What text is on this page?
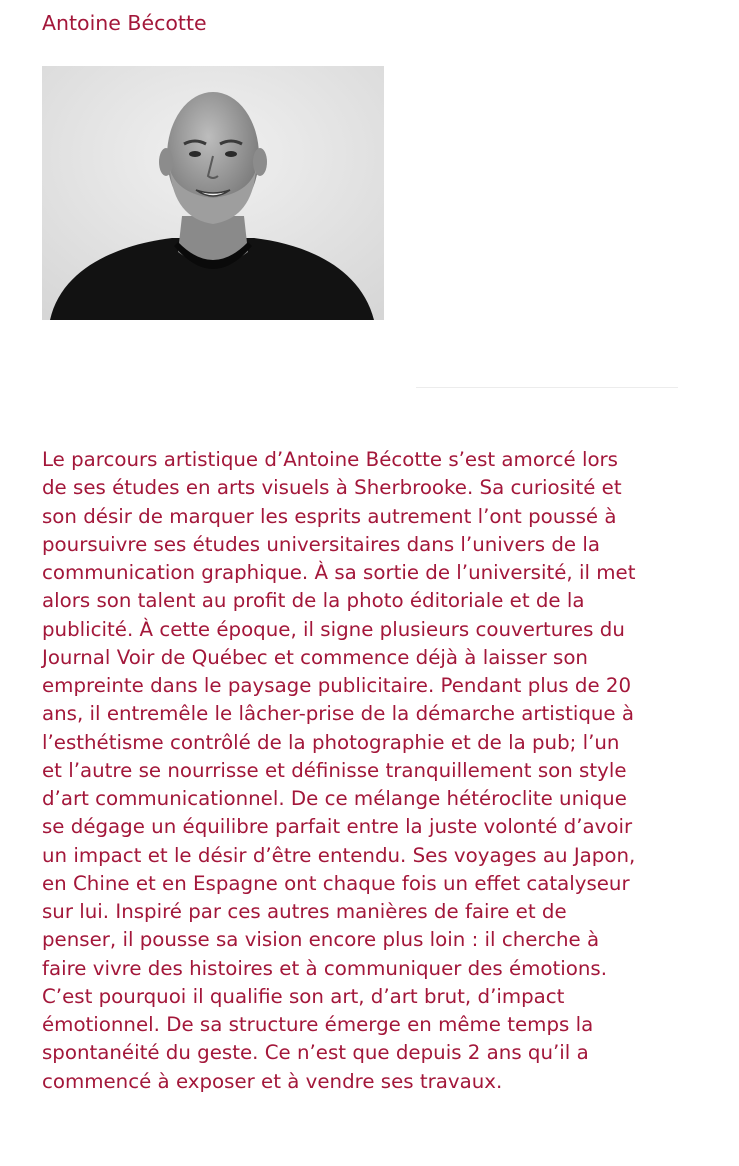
Antoine Bécotte
Le parcours artistique d’Antoine Bécotte s’est amorcé lors
de ses études en arts visuels à Sherbrooke. Sa curiosité et
son désir de marquer les esprits autrement l’ont poussé à
poursuivre ses études universitaires dans l’univers de la
communication graphique. À sa sortie de l’université, il met
alors son talent au profit de la photo éditoriale et de la
publicité. À cette époque, il signe plusieurs couvertures du
Journal Voir de Québec et commence déjà à laisser son
empreinte dans le paysage publicitaire. Pendant plus de 20
ans, il entremêle le lâcher-prise de la démarche artistique à
l’esthétisme contrôlé de la photographie et de la pub; l’un
et l’autre se nourrisse et définisse tranquillement son style
d’art communicationnel. De ce mélange hétéroclite unique
se dégage un équilibre parfait entre la juste volonté d’avoir
un impact et le désir d’être entendu. Ses voyages au Japon,
en Chine et en Espagne ont chaque fois un effet catalyseur
sur lui. Inspiré par ces autres manières de faire et de
penser, il pousse sa vision encore plus loin : il cherche à
faire vivre des histoires et à communiquer des émotions.
C’est pourquoi il qualifie son art, d’art brut, d’impact
émotionnel. De sa structure émerge en même temps la
spontanéité du geste. Ce n’est que depuis 2 ans qu’il a
commencé à exposer et à vendre ses travaux.
